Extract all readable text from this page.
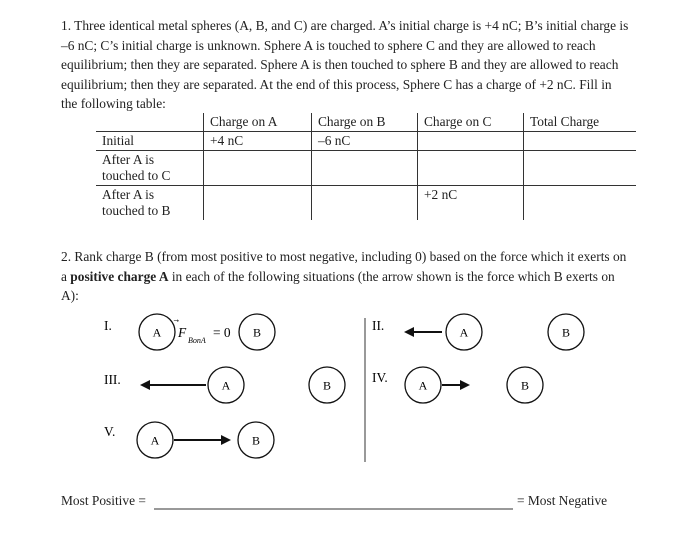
1. Three identical metal spheres (A, B, and C) are charged. A’s initial charge is +4 nC; B’s initial charge is –6 nC; C’s initial charge is unknown. Sphere A is touched to sphere C and they are allowed to reach equilibrium; then they are separated. Sphere A is then touched to sphere B and they are allowed to reach equilibrium; then they are separated. At the end of this process, Sphere C has a charge of +2 nC. Fill in the following table:

	Charge on A	Charge on B	Charge on C	Total Charge
Initial	+4 nC	–6 nC		
After A is
touched to C				
After A is
touched to B			+2 nC	

2. Rank charge B (from most positive to most negative, including 0) based on the force which it exerts on a positive charge A in each of the following situations (the arrow shown is the force which B exerts on A):

I.	A F
BonA
= 0 B	II.	A	B
III.	A	B
IV.
A	B
V.
A	B
Most Positive =	= Most Negative
